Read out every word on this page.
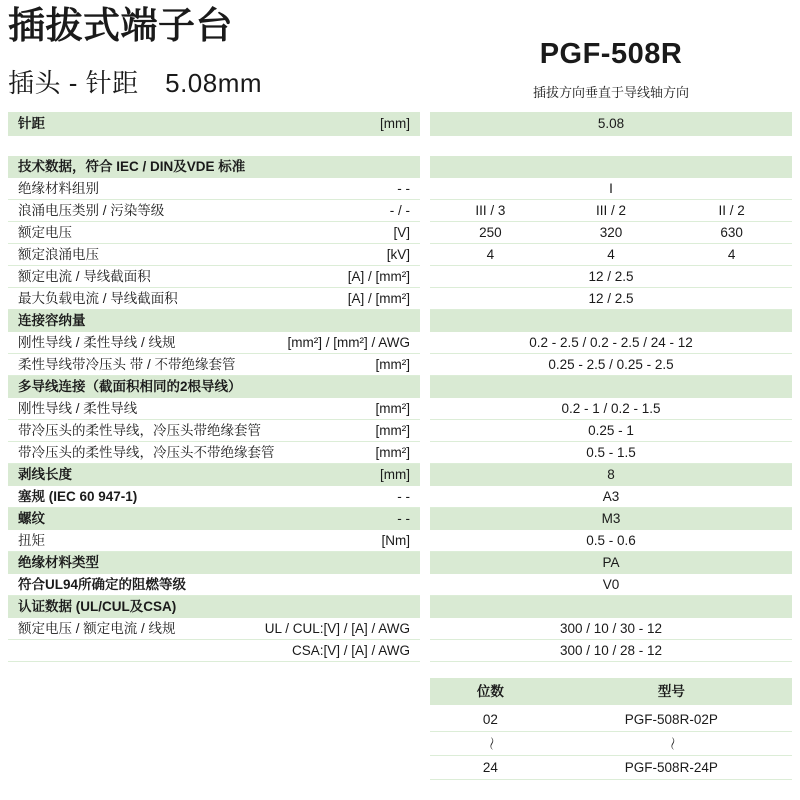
插拔式端子台
插头 - 针距　5.08mm
PGF-508R
插拔方向垂直于导线轴方向
针距	[mm]	5.08
技术数据，符合 IEC / DIN及VDE 标准
绝缘材料组别	- -	I
浪涌电压类别 / 污染等级	- / -	III / 3	III / 2	II / 2
额定电压	[V]	250	320	630
额定浪涌电压	[kV]	4	4	4
额定电流 / 导线截面积	[A] / [mm²]	12 / 2.5
最大负载电流 / 导线截面积	[A] / [mm²]	12 / 2.5
连接容纳量
刚性导线 / 柔性导线 / 线规	[mm²] / [mm²] / AWG	0.2 - 2.5 / 0.2 - 2.5 / 24 - 12
柔性导线带冷压头 带 / 不带绝缘套管	[mm²]	0.25 - 2.5 / 0.25 - 2.5
多导线连接（截面积相同的2根导线）
刚性导线 / 柔性导线	[mm²]	0.2 - 1 / 0.2 - 1.5
带冷压头的柔性导线，冷压头带绝缘套管	[mm²]	0.25 - 1
带冷压头的柔性导线，冷压头不带绝缘套管	[mm²]	0.5 - 1.5
剥线长度	[mm]	8
塞规 (IEC 60 947-1)	- -	A3
螺纹	- -	M3
扭矩	[Nm]	0.5 - 0.6
绝缘材料类型	PA
符合UL94所确定的阻燃等级	V0
认证数据 (UL/CUL及CSA)
额定电压 / 额定电流 / 线规	UL / CUL:[V] / [A] / AWG	300 / 10 / 30 - 12
CSA:[V] / [A] / AWG	300 / 10 / 28 - 12
位数	型号
02	PGF-508R-02P
〜	〜
24	PGF-508R-24P
